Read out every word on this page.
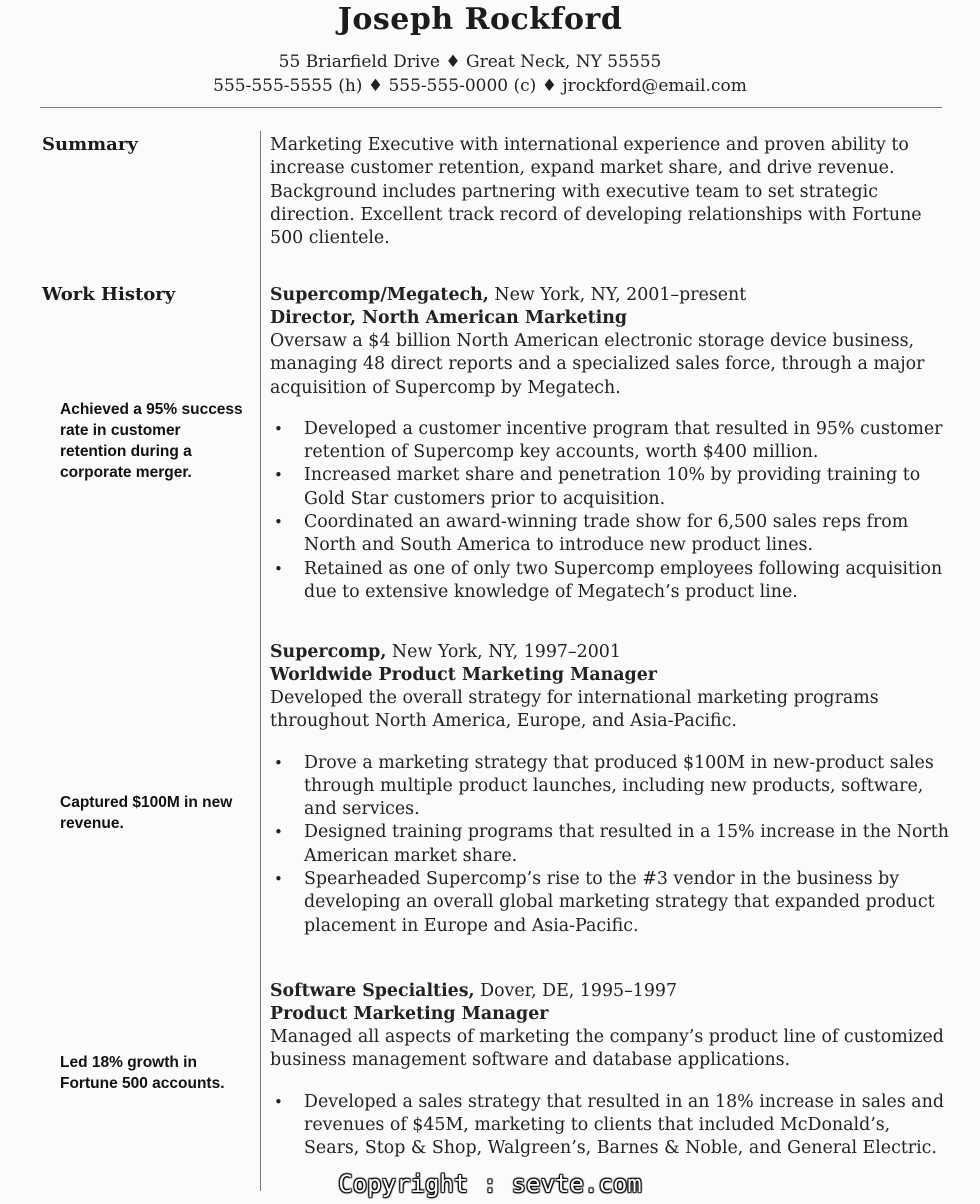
Joseph Rockford
55 Briarfield Drive ♦ Great Neck, NY 55555
555-555-5555 (h) ♦ 555-555-0000 (c) ♦ jrockford@email.com
Summary	Marketing Executive with international experience and proven ability to increase customer retention, expand market share, and drive revenue. Background includes partnering with executive team to set strategic direction. Excellent track record of developing relationships with Fortune 500 clientele.

Work History
Achieved a 95% success rate in customer retention during a corporate merger.

Supercomp/Megatech, New York, NY, 2001–present

Director, North American Marketing

Oversaw a $4 billion North American electronic storage device business, managing 48 direct reports and a specialized sales force, through a major acquisition of Supercomp by Megatech.

• Developed a customer incentive program that resulted in 95% customer retention of Supercomp key accounts, worth $400 million.
• Increased market share and penetration 10% by providing training to Gold Star customers prior to acquisition.
• Coordinated an award-winning trade show for 6,500 sales reps from North and South America to introduce new product lines.
• Retained as one of only two Supercomp employees following acquisition due to extensive knowledge of Megatech’s product line.
Captured $100M in new revenue.

Supercomp, New York, NY, 1997–2001

Worldwide Product Marketing Manager

Developed the overall strategy for international marketing programs throughout North America, Europe, and Asia-Pacific.

• Drove a marketing strategy that produced $100M in new-product sales through multiple product launches, including new products, software, and services.
• Designed training programs that resulted in a 15% increase in the North American market share.
• Spearheaded Supercomp’s rise to the #3 vendor in the business by developing an overall global marketing strategy that expanded product placement in Europe and Asia-Pacific.
Led 18% growth in Fortune 500 accounts.

Software Specialties, Dover, DE, 1995–1997

Product Marketing Manager

Managed all aspects of marketing the company’s product line of customized business management software and database applications.

• Developed a sales strategy that resulted in an 18% increase in sales and revenues of $45M, marketing to clients that included McDonald’s, Sears, Stop & Shop, Walgreen’s, Barnes & Noble, and General Electric.
Copyright : sevte.com
